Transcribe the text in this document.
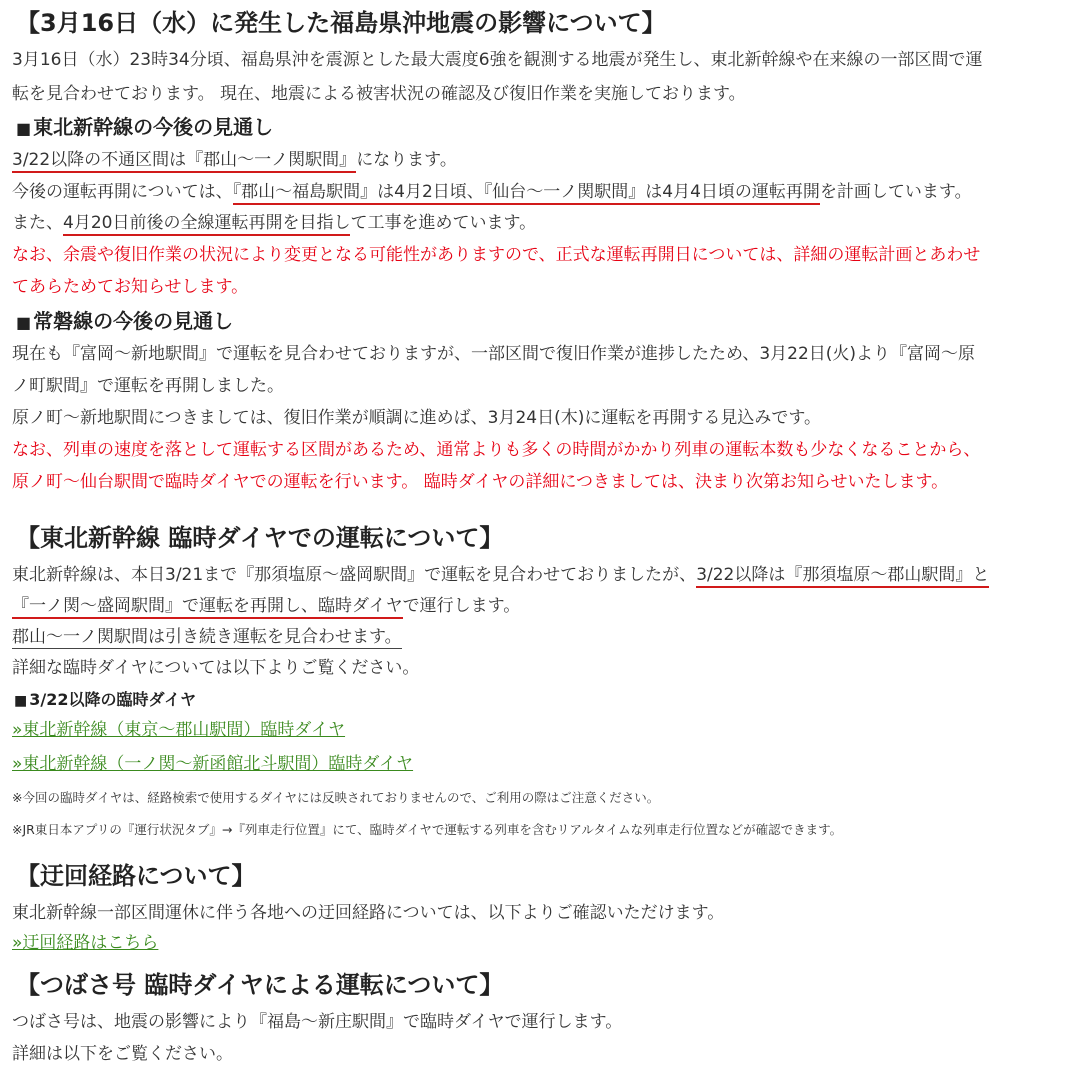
【3月16日（水）に発生した福島県沖地震の影響について】
3月16日（水）23時34分頃、福島県沖を震源とした最大震度6強を観測する地震が発生し、東北新幹線や在来線の一部区間で運
転を見合わせております。 現在、地震による被害状況の確認及び復旧作業を実施しております。
■ 東北新幹線の今後の見通し
3/22以降の不通区間は『郡山～一ノ関駅間』になります。
今後の運転再開については、『郡山～福島駅間』は4月2日頃、『仙台～一ノ関駅間』は4月4日頃の運転再開を計画しています。
また、4月20日前後の全線運転再開を目指して工事を進めています。
なお、余震や復旧作業の状況により変更となる可能性がありますので、正式な運転再開日については、詳細の運転計画とあわせ
てあらためてお知らせします。
■ 常磐線の今後の見通し
現在も『富岡～新地駅間』で運転を見合わせておりますが、一部区間で復旧作業が進捗したため、3月22日(火)より『富岡～原
ノ町駅間』で運転を再開しました。
原ノ町～新地駅間につきましては、復旧作業が順調に進めば、3月24日(木)に運転を再開する見込みです。
なお、列車の速度を落として運転する区間があるため、通常よりも多くの時間がかかり列車の運転本数も少なくなることから、
原ノ町～仙台駅間で臨時ダイヤでの運転を行います。 臨時ダイヤの詳細につきましては、決まり次第お知らせいたします。
【東北新幹線 臨時ダイヤでの運転について】
東北新幹線は、本日3/21まで『那須塩原～盛岡駅間』で運転を見合わせておりましたが、3/22以降は『那須塩原～郡山駅間』と
『一ノ関～盛岡駅間』で運転を再開し、臨時ダイヤで運行します。
郡山～一ノ関駅間は引き続き運転を見合わせます。
詳細な臨時ダイヤについては以下よりご覧ください。
■ 3/22以降の臨時ダイヤ
»東北新幹線（東京～郡山駅間）臨時ダイヤ
»東北新幹線（一ノ関～新函館北斗駅間）臨時ダイヤ
※今回の臨時ダイヤは、経路検索で使用するダイヤには反映されておりませんので、ご利用の際はご注意ください。
※JR東日本アプリの『運行状況タブ』→『列車走行位置』にて、臨時ダイヤで運転する列車を含むリアルタイムな列車走行位置などが確認できます。
【迂回経路について】
東北新幹線一部区間運休に伴う各地への迂回経路については、以下よりご確認いただけます。
»迂回経路はこちら
【つばさ号 臨時ダイヤによる運転について】
つばさ号は、地震の影響により『福島～新庄駅間』で臨時ダイヤで運行します。
詳細は以下をご覧ください。
